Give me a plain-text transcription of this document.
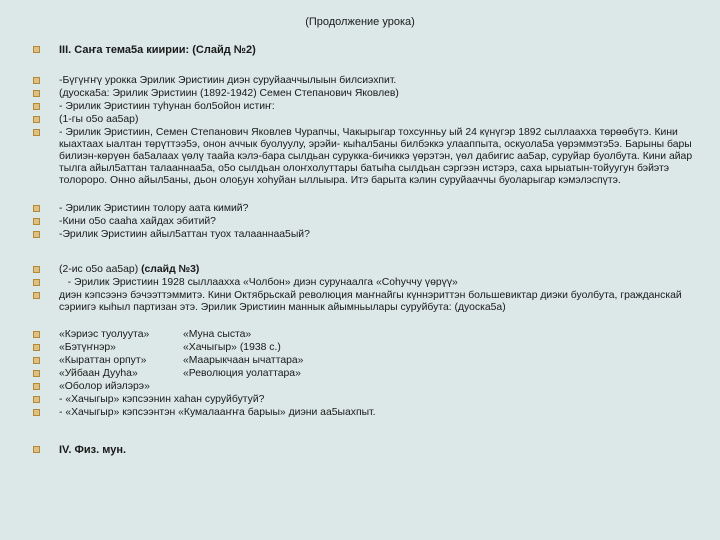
(Продолжение урока)
III. Саҥа тема5а киирии: (Слайд №2)
-Бүгүҥҥү урокка Эрилик Эристиин диэн суруйааччылыын билсиэхпит.
(дуоска5а: Эрилик Эристиин (1892-1942) Семен Степанович Яковлев)
- Эрилик Эристиин туһунан бол5ойон истиҥ:
(1-гы о5о аа5ар)
- Эрилик Эристиин, Семен Степанович Яковлев Чурапчы, Чакырыгар тохсунньу ый 24 күнүгэр 1892 сыллааххa төрөөбүтэ. Кини кыахтаах ыалтан төрүттээ5э, онон аччык буолуулу, эрэйи- кыһал5аны билбэккэ улааппыта, оскуола5а үөрэммэтэ5э. Барыны бары билиэн-көрүөн ба5алаах үөлү таайа кэлэ-бара сылдьан сурукка-бичиккэ үөрэтэн, үөл дабигис аа5ар, суруйар буолбута. Кини айар тылга айыл5аттан талааннаа5а, о5о сылдьан олоҥхолуттары батыhа сылдьан сэргээн истэрэ, саха ырыатын-тойуугун бэйэтэ толороро. Онно айыл5аны, дьон олоҕун хоһуйан ыллыыра. Итэ барыта кэлин суруйааччы буоларыгар кэмэлэспүтэ.
- Эрилик Эристиин толору аата кимий?
-Кини о5о саaha хайдах эбитий?
-Эрилик Эристиин айыл5аттан туох талааннаа5ый?
(2-ис о5о аа5ар) (слайд №3)
- Эрилик Эристиин 1928 сыллааххa «Чолбон» диэн сурунаалга «Соһуччу үөрүү»
диэн кэпсээнэ бэчээттэммитэ. Кини Октябрьскай революция маҥнайгы күннэриттэн большевиктар диэки буолбута, гражданскай сэриигэ кыһыл партизан этэ. Эрилик Эристиин маннык айымньылары суруйбута: (дуоска5а)
«Кэриэс туолуута»	«Муна сыста»
«Бэтүҥнэр»	«Хачыгыр» (1938 с.)
«Кыраттан орпут»	«Маарыкчаан ычаттара»
«Уйбаан Дууhа»	«Революция уолаттара»
«Оболор ийэлэрэ»
- «Хачыгыр» кэпсээнин хаhан суруйбутуй?
- «Хачыгыр» кэпсээнтэн «Кумалааҥҥа барыы» диэни аа5ыахпыт.
IV. Физ. мун.
